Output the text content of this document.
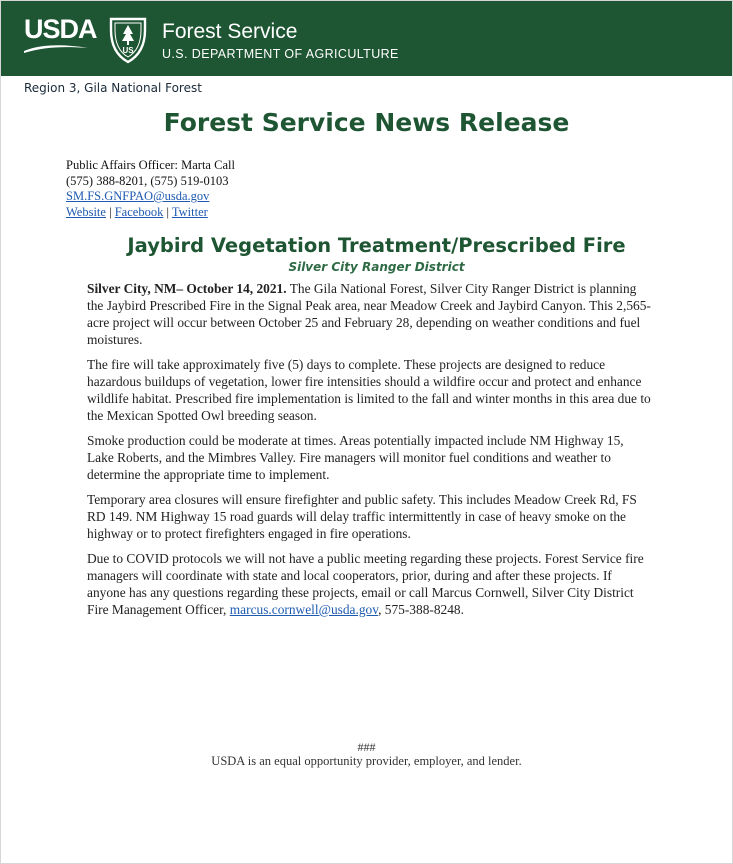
USDA
US
Forest Service
U.S. DEPARTMENT OF AGRICULTURE
Region 3, Gila National Forest
Forest Service News Release
Public Affairs Officer: Marta Call
(575) 388-8201, (575) 519-0103
SM.FS.GNFPAO@usda.gov
Website | Facebook | Twitter
Jaybird Vegetation Treatment/Prescribed Fire
Silver City Ranger District

Silver City, NM– October 14, 2021. The Gila National Forest, Silver City Ranger District is planning the Jaybird Prescribed Fire in the Signal Peak area, near Meadow Creek and Jaybird Canyon. This 2,565-acre project will occur between October 25 and February 28, depending on weather conditions and fuel moistures.

The fire will take approximately five (5) days to complete. These projects are designed to reduce hazardous buildups of vegetation, lower fire intensities should a wildfire occur and protect and enhance wildlife habitat. Prescribed fire implementation is limited to the fall and winter months in this area due to the Mexican Spotted Owl breeding season.

Smoke production could be moderate at times. Areas potentially impacted include NM Highway 15, Lake Roberts, and the Mimbres Valley. Fire managers will monitor fuel conditions and weather to determine the appropriate time to implement.

Temporary area closures will ensure firefighter and public safety. This includes Meadow Creek Rd, FS RD 149. NM Highway 15 road guards will delay traffic intermittently in case of heavy smoke on the highway or to protect firefighters engaged in fire operations.

Due to COVID protocols we will not have a public meeting regarding these projects. Forest Service fire managers will coordinate with state and local cooperators, prior, during and after these projects. If anyone has any questions regarding these projects, email or call Marcus Cornwell, Silver City District Fire Management Officer, marcus.cornwell@usda.gov, 575-388-8248.

###
USDA is an equal opportunity provider, employer, and lender.
